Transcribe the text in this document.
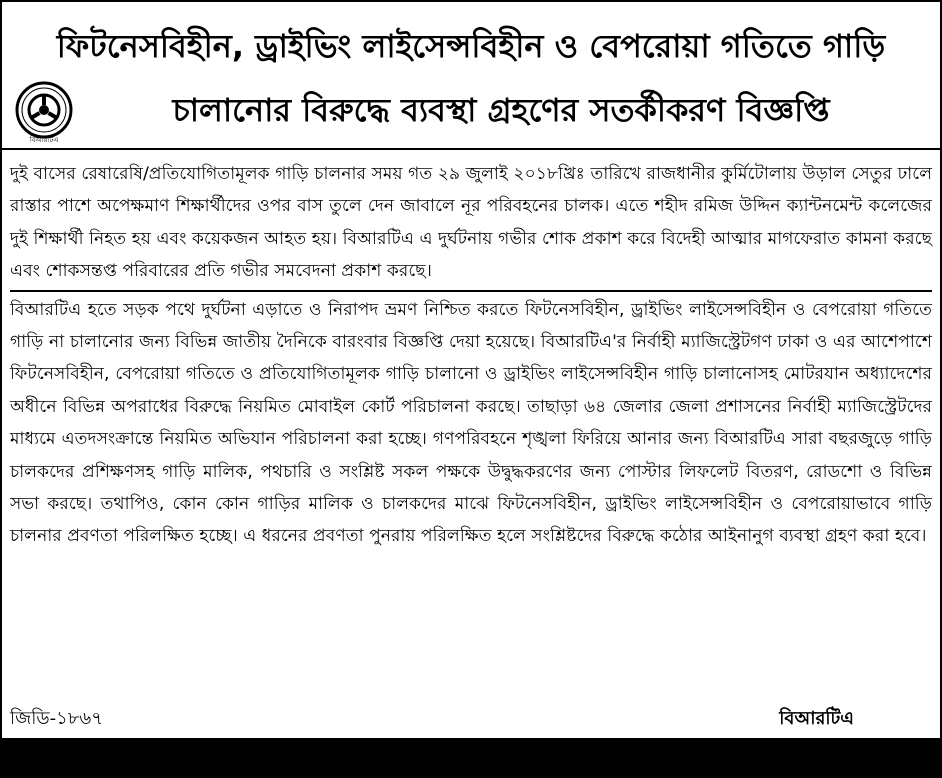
ফিটনেসবিহীন, ড্রাইভিং লাইসেন্সবিহীন ও বেপরোয়া গতিতে গাড়ি
বিআরটিএ
চালানোর বিরুদ্ধে ব্যবস্থা গ্রহণের সতর্কীকরণ বিজ্ঞপ্তি

দুই বাসের রেষারেষি/প্রতিযোগিতামূলক গাড়ি চালনার সময় গত ২৯ জুলাই ২০১৮খ্রিঃ তারিখে রাজধানীর কুর্মিটোলায় উড়াল সেতুর ঢালে রাস্তার পাশে অপেক্ষমাণ শিক্ষার্থীদের ওপর বাস তুলে দেন জাবালে নূর পরিবহনের চালক। এতে শহীদ রমিজ উদ্দিন ক্যান্টনমেন্ট কলেজের দুই শিক্ষার্থী নিহত হয় এবং কয়েকজন আহত হয়। বিআরটিএ এ দুর্ঘটনায় গভীর শোক প্রকাশ করে বিদেহী আত্মার মাগফেরাত কামনা করছে এবং শোকসন্তপ্ত পরিবারের প্রতি গভীর সমবেদনা প্রকাশ করছে।

বিআরটিএ হতে সড়ক পথে দুর্ঘটনা এড়াতে ও নিরাপদ ভ্রমণ নিশ্চিত করতে ফিটনেসবিহীন, ড্রাইভিং লাইসেন্সবিহীন ও বেপরোয়া গতিতে গাড়ি না চালানোর জন্য বিভিন্ন জাতীয় দৈনিকে বারংবার বিজ্ঞপ্তি দেয়া হয়েছে। বিআরটিএ'র নির্বাহী ম্যাজিস্ট্রেটগণ ঢাকা ও এর আশেপাশে ফিটনেসবিহীন, বেপরোয়া গতিতে ও প্রতিযোগিতামূলক গাড়ি চালানো ও ড্রাইভিং লাইসেন্সবিহীন গাড়ি চালানোসহ মোটরযান অধ্যাদেশের অধীনে বিভিন্ন অপরাধের বিরুদ্ধে নিয়মিত মোবাইল কোর্ট পরিচালনা করছে। তাছাড়া ৬৪ জেলার জেলা প্রশাসনের নির্বাহী ম্যাজিস্ট্রেটদের মাধ্যমে এতদসংক্রান্তে নিয়মিত অভিযান পরিচালনা করা হচ্ছে। গণপরিবহনে শৃঙ্খলা ফিরিয়ে আনার জন্য বিআরটিএ সারা বছরজুড়ে গাড়ি চালকদের প্রশিক্ষণসহ গাড়ি মালিক, পথচারি ও সংশ্লিষ্ট সকল পক্ষকে উদ্বুদ্ধকরণের জন্য পোস্টার লিফলেট বিতরণ, রোডশো ও বিভিন্ন সভা করছে। তথাপিও, কোন কোন গাড়ির মালিক ও চালকদের মাঝে ফিটনেসবিহীন, ড্রাইভিং লাইসেন্সবিহীন ও বেপরোয়াভাবে গাড়ি চালনার প্রবণতা পরিলক্ষিত হচ্ছে। এ ধরনের প্রবণতা পুনরায় পরিলক্ষিত হলে সংশ্লিষ্টদের বিরুদ্ধে কঠোর আইনানুগ ব্যবস্থা গ্রহণ করা হবে।

জিডি-১৮৬৭	বিআরটিএ
